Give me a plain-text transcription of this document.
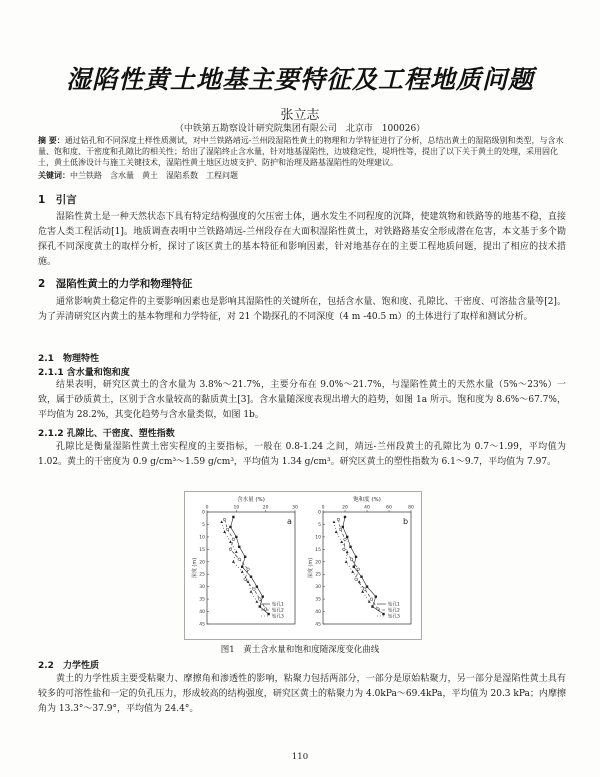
湿陷性黄土地基主要特征及工程地质问题
张立志
（中铁第五勘察设计研究院集团有限公司　北京市　100026）
摘 要：通过钻孔和不同深度土样性质测试，对中兰铁路靖远-兰州段湿陷性黄土的物理和力学特征进行了分析，总结出黄土的湿陷级别和类型，与含水量、饱和度、干密度和孔隙比的相关性；给出了湿陷终止含水量，针对地基湿陷性，边坡稳定性，堤坍性等，提出了以下关于黄土的处理，采用固化土，黄土低渗设计与施工关键技术，湿陷性黄土地区边坡支护、防护和治理及路基湿陷性的处理建议。
关键词：中兰铁路　含水量　黄土　湿陷系数　工程问题
1　引言
湿陷性黄土是一种天然状态下具有特定结构强度的欠压密土体，遇水发生不同程度的沉降，使建筑物和铁路等的地基不稳，直接危害人类工程活动[1]。地质调查表明中兰铁路靖远-兰州段存在大面积湿陷性黄土，对铁路路基安全形成潜在危害，本文基于多个勘探孔不同深度黄土的取样分析，探讨了该区黄土的基本特征和影响因素，针对地基存在的主要工程地质问题，提出了相应的技术措施。
2　湿陷性黄土的力学和物理特征
通常影响黄土稳定件的主要影响因素也是影响其湿陷性的关键所在，包括含水量、饱和度、孔隙比、干密度、可溶盐含量等[2]。为了弄清研究区内黄土的基本物理和力学特征，对 21 个勘探孔的不同深度（4 m -40.5 m）的土体进行了取样和测试分析。
2.1　物理特性
2.1.1 含水量和饱和度
结果表明，研究区黄土的含水量为 3.8%～21.7%，主要分布在 9.0%～21.7%，与湿陷性黄土的天然水量（5%～23%）一致，属于砂质黄土，区别于含水量较高的黏质黄土[3]。含水量随深度表现出增大的趋势，如图 1a 所示。饱和度为 8.6%～67.7%，平均值为 28.2%，其变化趋势与含水量类似，如图 1b。
2.1.2 孔隙比、干密度、塑性指数
孔隙比是衡量湿陷性黄土密实程度的主要指标，一般在 0.8-1.24 之间，靖远-兰州段黄土的孔隙比为 0.7～1.99，平均值为 1.02。黄土的干密度为 0.9 g/cm³～1.59 g/cm³，平均值为 1.34 g/cm³。研究区黄土的塑性指数为 6.1～9.7，平均值为 7.97。
含水量 (%)
0	10	20	30
0
5
10
15
20
25
30
35
40
45
深度 (m)
a
钻孔1
钻孔2
钻孔3
饱和度 (%)
0	20	40	60	80
0
5
10
15
20
25
30
35
40
45
深度 (m)
b
钻孔1
钻孔2
钻孔3
图1　黄土含水量和饱和度随深度变化曲线
2.2　力学性质
黄土的力学性质主要受粘聚力、摩擦角和渗透性的影响，粘聚力包括两部分，一部分是原始粘聚力，另一部分是湿陷性黄土具有较多的可溶性盐和一定的负孔压力，形成较高的结构强度，研究区黄土的粘聚力为 4.0kPa～69.4kPa，平均值为 20.3 kPa；内摩擦角为 13.3°～37.9°，平均值为 24.4°。
110
